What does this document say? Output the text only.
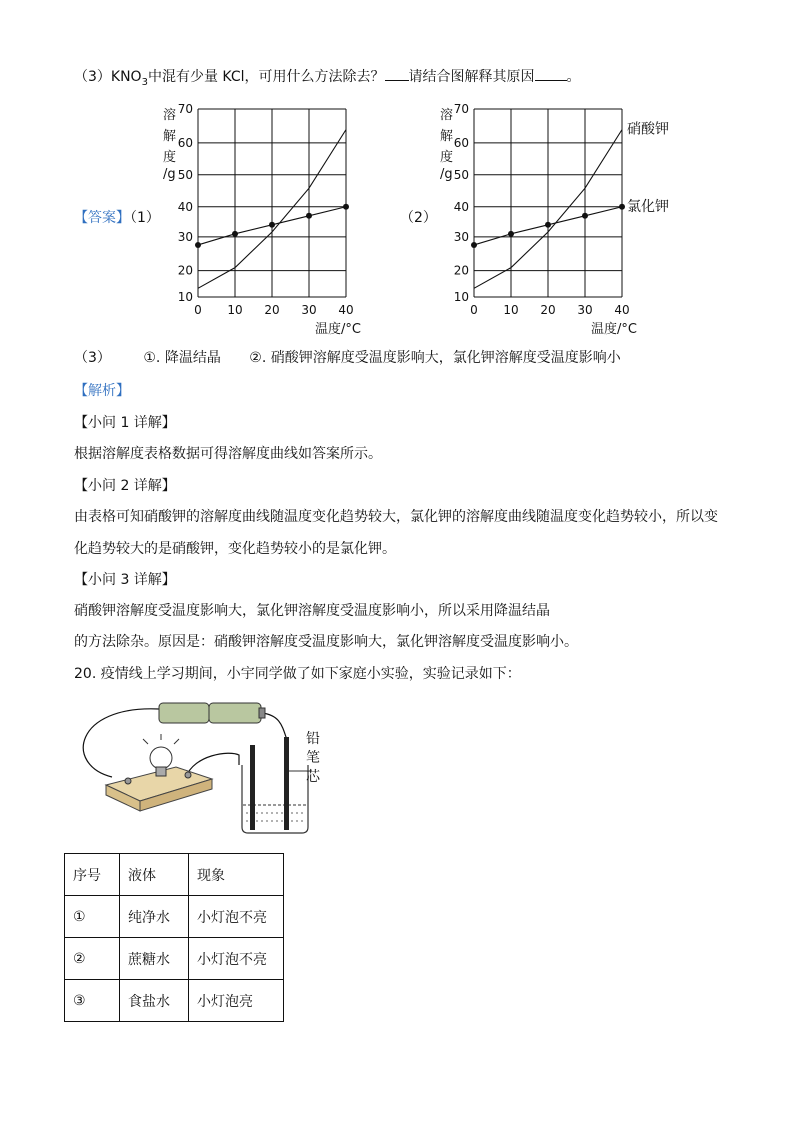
$(3)KNO_3$中混有少量 KCl，可用什么方法除去？ 请结合图解释其原因 。
【答案】（1）	（2）
溶
解
度
/g
溶
解
度
/g
0 10 20 30 40
10
20
30
40
50
60
70
温度/°C
0 10 20 30 40
10
20
30
40
50
60
70
温度/°C
硝酸钾
氯化钾
（3） ①. 降温结晶 ②. 硝酸钾溶解度受温度影响大，氯化钾溶解度受温度影响小
【解析】
【小问 1 详解】
根据溶解度表格数据可得溶解度曲线如答案所示。
【小问 2 详解】
由表格可知硝酸钾的溶解度曲线随温度变化趋势较大，氯化钾的溶解度曲线随温度变化趋势较小，所以变
化趋势较大的是硝酸钾，变化趋势较小的是氯化钾。
【小问 3 详解】
硝酸钾溶解度受温度影响大，氯化钾溶解度受温度影响小，所以采用降温结晶
的方法除杂。原因是：硝酸钾溶解度受温度影响大，氯化钾溶解度受温度影响小。
20. 疫情线上学习期间，小宇同学做了如下家庭小实验，实验记录如下：
铅
笔
芯
序号	液体	现象
①	纯净水	小灯泡不亮
②	蔗糖水	小灯泡不亮
③	食盐水	小灯泡亮
